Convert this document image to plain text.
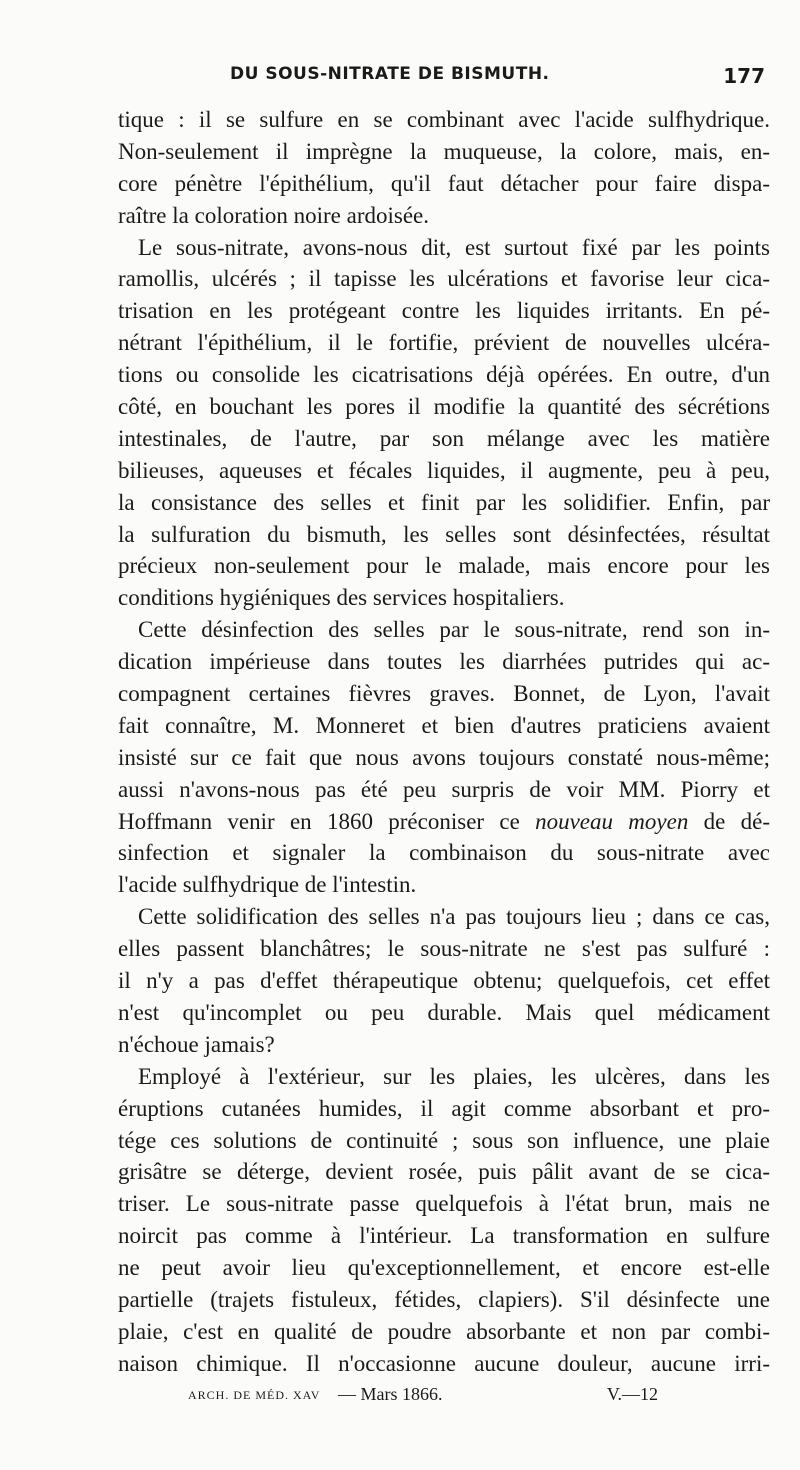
DU SOUS-NITRATE DE BISMUTH.	177
tique : il se sulfure en se combinant avec l'acide sulfhydrique.
Non-seulement il imprègne la muqueuse, la colore, mais, en-
core pénètre l'épithélium, qu'il faut détacher pour faire dispa-
raître la coloration noire ardoisée.
Le sous-nitrate, avons-nous dit, est surtout fixé par les points
ramollis, ulcérés ; il tapisse les ulcérations et favorise leur cica-
trisation en les protégeant contre les liquides irritants. En pé-
nétrant l'épithélium, il le fortifie, prévient de nouvelles ulcéra-
tions ou consolide les cicatrisations déjà opérées. En outre, d'un
côté, en bouchant les pores il modifie la quantité des sécrétions
intestinales, de l'autre, par son mélange avec les matière
bilieuses, aqueuses et fécales liquides, il augmente, peu à peu,
la consistance des selles et finit par les solidifier. Enfin, par
la sulfuration du bismuth, les selles sont désinfectées, résultat
précieux non-seulement pour le malade, mais encore pour les
conditions hygiéniques des services hospitaliers.
Cette désinfection des selles par le sous-nitrate, rend son in-
dication impérieuse dans toutes les diarrhées putrides qui ac-
compagnent certaines fièvres graves. Bonnet, de Lyon, l'avait
fait connaître, M. Monneret et bien d'autres praticiens avaient
insisté sur ce fait que nous avons toujours constaté nous-même;
aussi n'avons-nous pas été peu surpris de voir MM. Piorry et
Hoffmann venir en 1860 préconiser ce nouveau moyen de dé-
sinfection et signaler la combinaison du sous-nitrate avec
l'acide sulfhydrique de l'intestin.
Cette solidification des selles n'a pas toujours lieu ; dans ce cas,
elles passent blanchâtres; le sous-nitrate ne s'est pas sulfuré :
il n'y a pas d'effet thérapeutique obtenu; quelquefois, cet effet
n'est qu'incomplet ou peu durable. Mais quel médicament
n'échoue jamais?
Employé à l'extérieur, sur les plaies, les ulcères, dans les
éruptions cutanées humides, il agit comme absorbant et pro-
tége ces solutions de continuité ; sous son influence, une plaie
grisâtre se déterge, devient rosée, puis pâlit avant de se cica-
triser. Le sous-nitrate passe quelquefois à l'état brun, mais ne
noircit pas comme à l'intérieur. La transformation en sulfure
ne peut avoir lieu qu'exceptionnellement, et encore est-elle
partielle (trajets fistuleux, fétides, clapiers). S'il désinfecte une
plaie, c'est en qualité de poudre absorbante et non par combi-
naison chimique. Il n'occasionne aucune douleur, aucune irri-
ARCH. DE MÉD. XAV — Mars 1866.	V.—12
